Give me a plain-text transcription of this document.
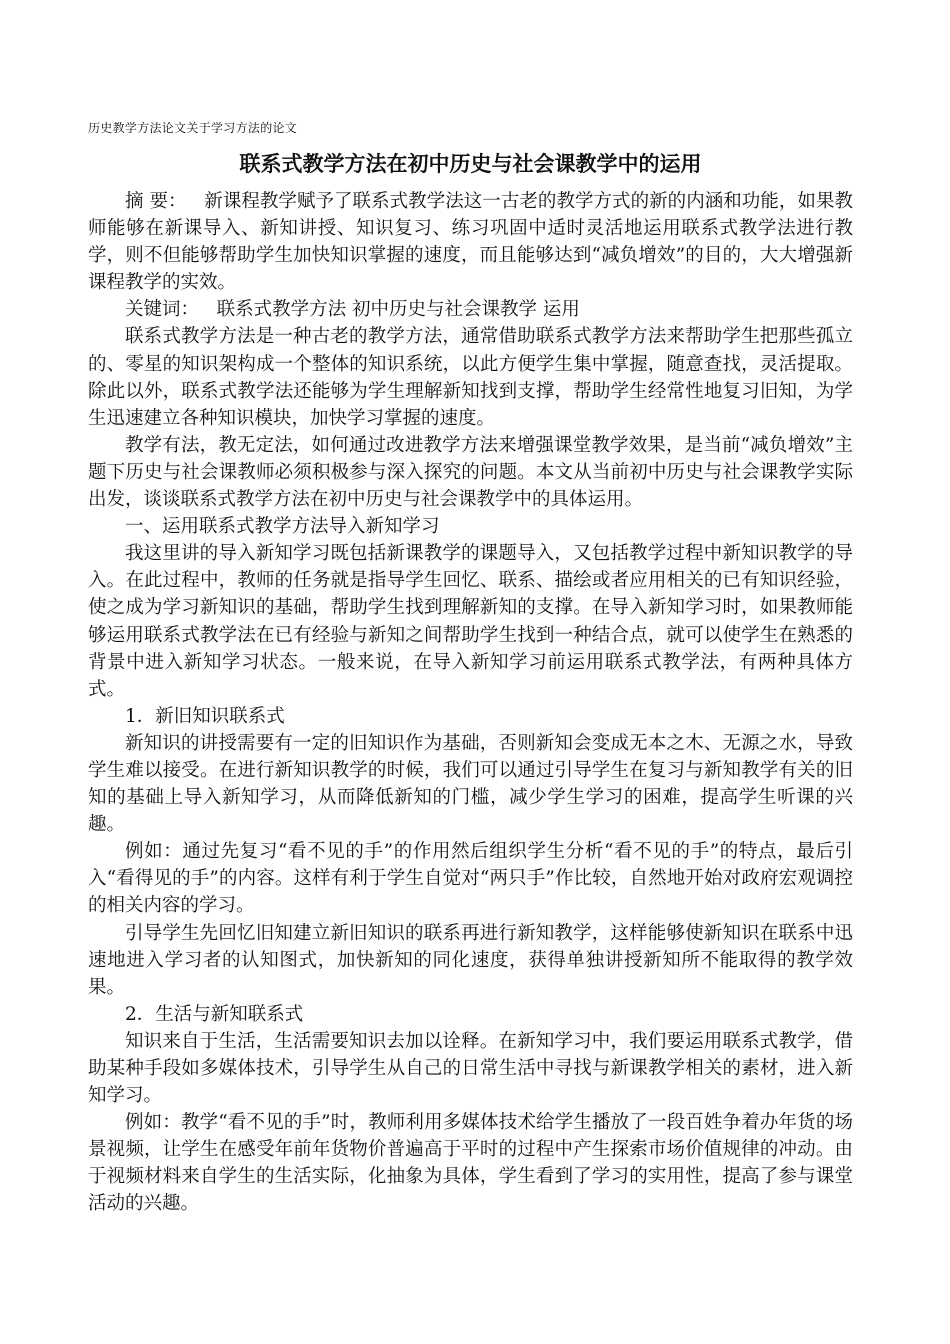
历史教学方法论文关于学习方法的论文
联系式教学方法在初中历史与社会课教学中的运用

摘 要： 新课程教学赋予了联系式教学法这一古老的教学方式的新的内涵和功能，如果教师能够在新课导入、新知讲授、知识复习、练习巩固中适时灵活地运用联系式教学法进行教学，则不但能够帮助学生加快知识掌握的速度，而且能够达到“减负增效”的目的，大大增强新课程教学的实效。

关键词： 联系式教学方法 初中历史与社会课教学 运用

联系式教学方法是一种古老的教学方法，通常借助联系式教学方法来帮助学生把那些孤立的、零星的知识架构成一个整体的知识系统，以此方便学生集中掌握，随意查找，灵活提取。除此以外，联系式教学法还能够为学生理解新知找到支撑，帮助学生经常性地复习旧知，为学生迅速建立各种知识模块，加快学习掌握的速度。

教学有法，教无定法，如何通过改进教学方法来增强课堂教学效果，是当前“减负增效”主题下历史与社会课教师必须积极参与深入探究的问题。本文从当前初中历史与社会课教学实际出发，谈谈联系式教学方法在初中历史与社会课教学中的具体运用。

一、运用联系式教学方法导入新知学习

我这里讲的导入新知学习既包括新课教学的课题导入，又包括教学过程中新知识教学的导入。在此过程中，教师的任务就是指导学生回忆、联系、描绘或者应用相关的已有知识经验，使之成为学习新知识的基础，帮助学生找到理解新知的支撑。在导入新知学习时，如果教师能够运用联系式教学法在已有经验与新知之间帮助学生找到一种结合点，就可以使学生在熟悉的背景中进入新知学习状态。一般来说，在导入新知学习前运用联系式教学法，有两种具体方式。

1．新旧知识联系式

新知识的讲授需要有一定的旧知识作为基础，否则新知会变成无本之木、无源之水，导致学生难以接受。在进行新知识教学的时候，我们可以通过引导学生在复习与新知教学有关的旧知的基础上导入新知学习，从而降低新知的门槛，减少学生学习的困难，提高学生听课的兴趣。

例如：通过先复习“看不见的手”的作用然后组织学生分析“看不见的手”的特点，最后引入“看得见的手”的内容。这样有利于学生自觉对“两只手”作比较，自然地开始对政府宏观调控的相关内容的学习。

引导学生先回忆旧知建立新旧知识的联系再进行新知教学，这样能够使新知识在联系中迅速地进入学习者的认知图式，加快新知的同化速度，获得单独讲授新知所不能取得的教学效果。

2．生活与新知联系式

知识来自于生活，生活需要知识去加以诠释。在新知学习中，我们要运用联系式教学，借助某种手段如多媒体技术，引导学生从自己的日常生活中寻找与新课教学相关的素材，进入新知学习。

例如：教学“看不见的手”时，教师利用多媒体技术给学生播放了一段百姓争着办年货的场景视频，让学生在感受年前年货物价普遍高于平时的过程中产生探索市场价值规律的冲动。由于视频材料来自学生的生活实际，化抽象为具体，学生看到了学习的实用性，提高了参与课堂活动的兴趣。
